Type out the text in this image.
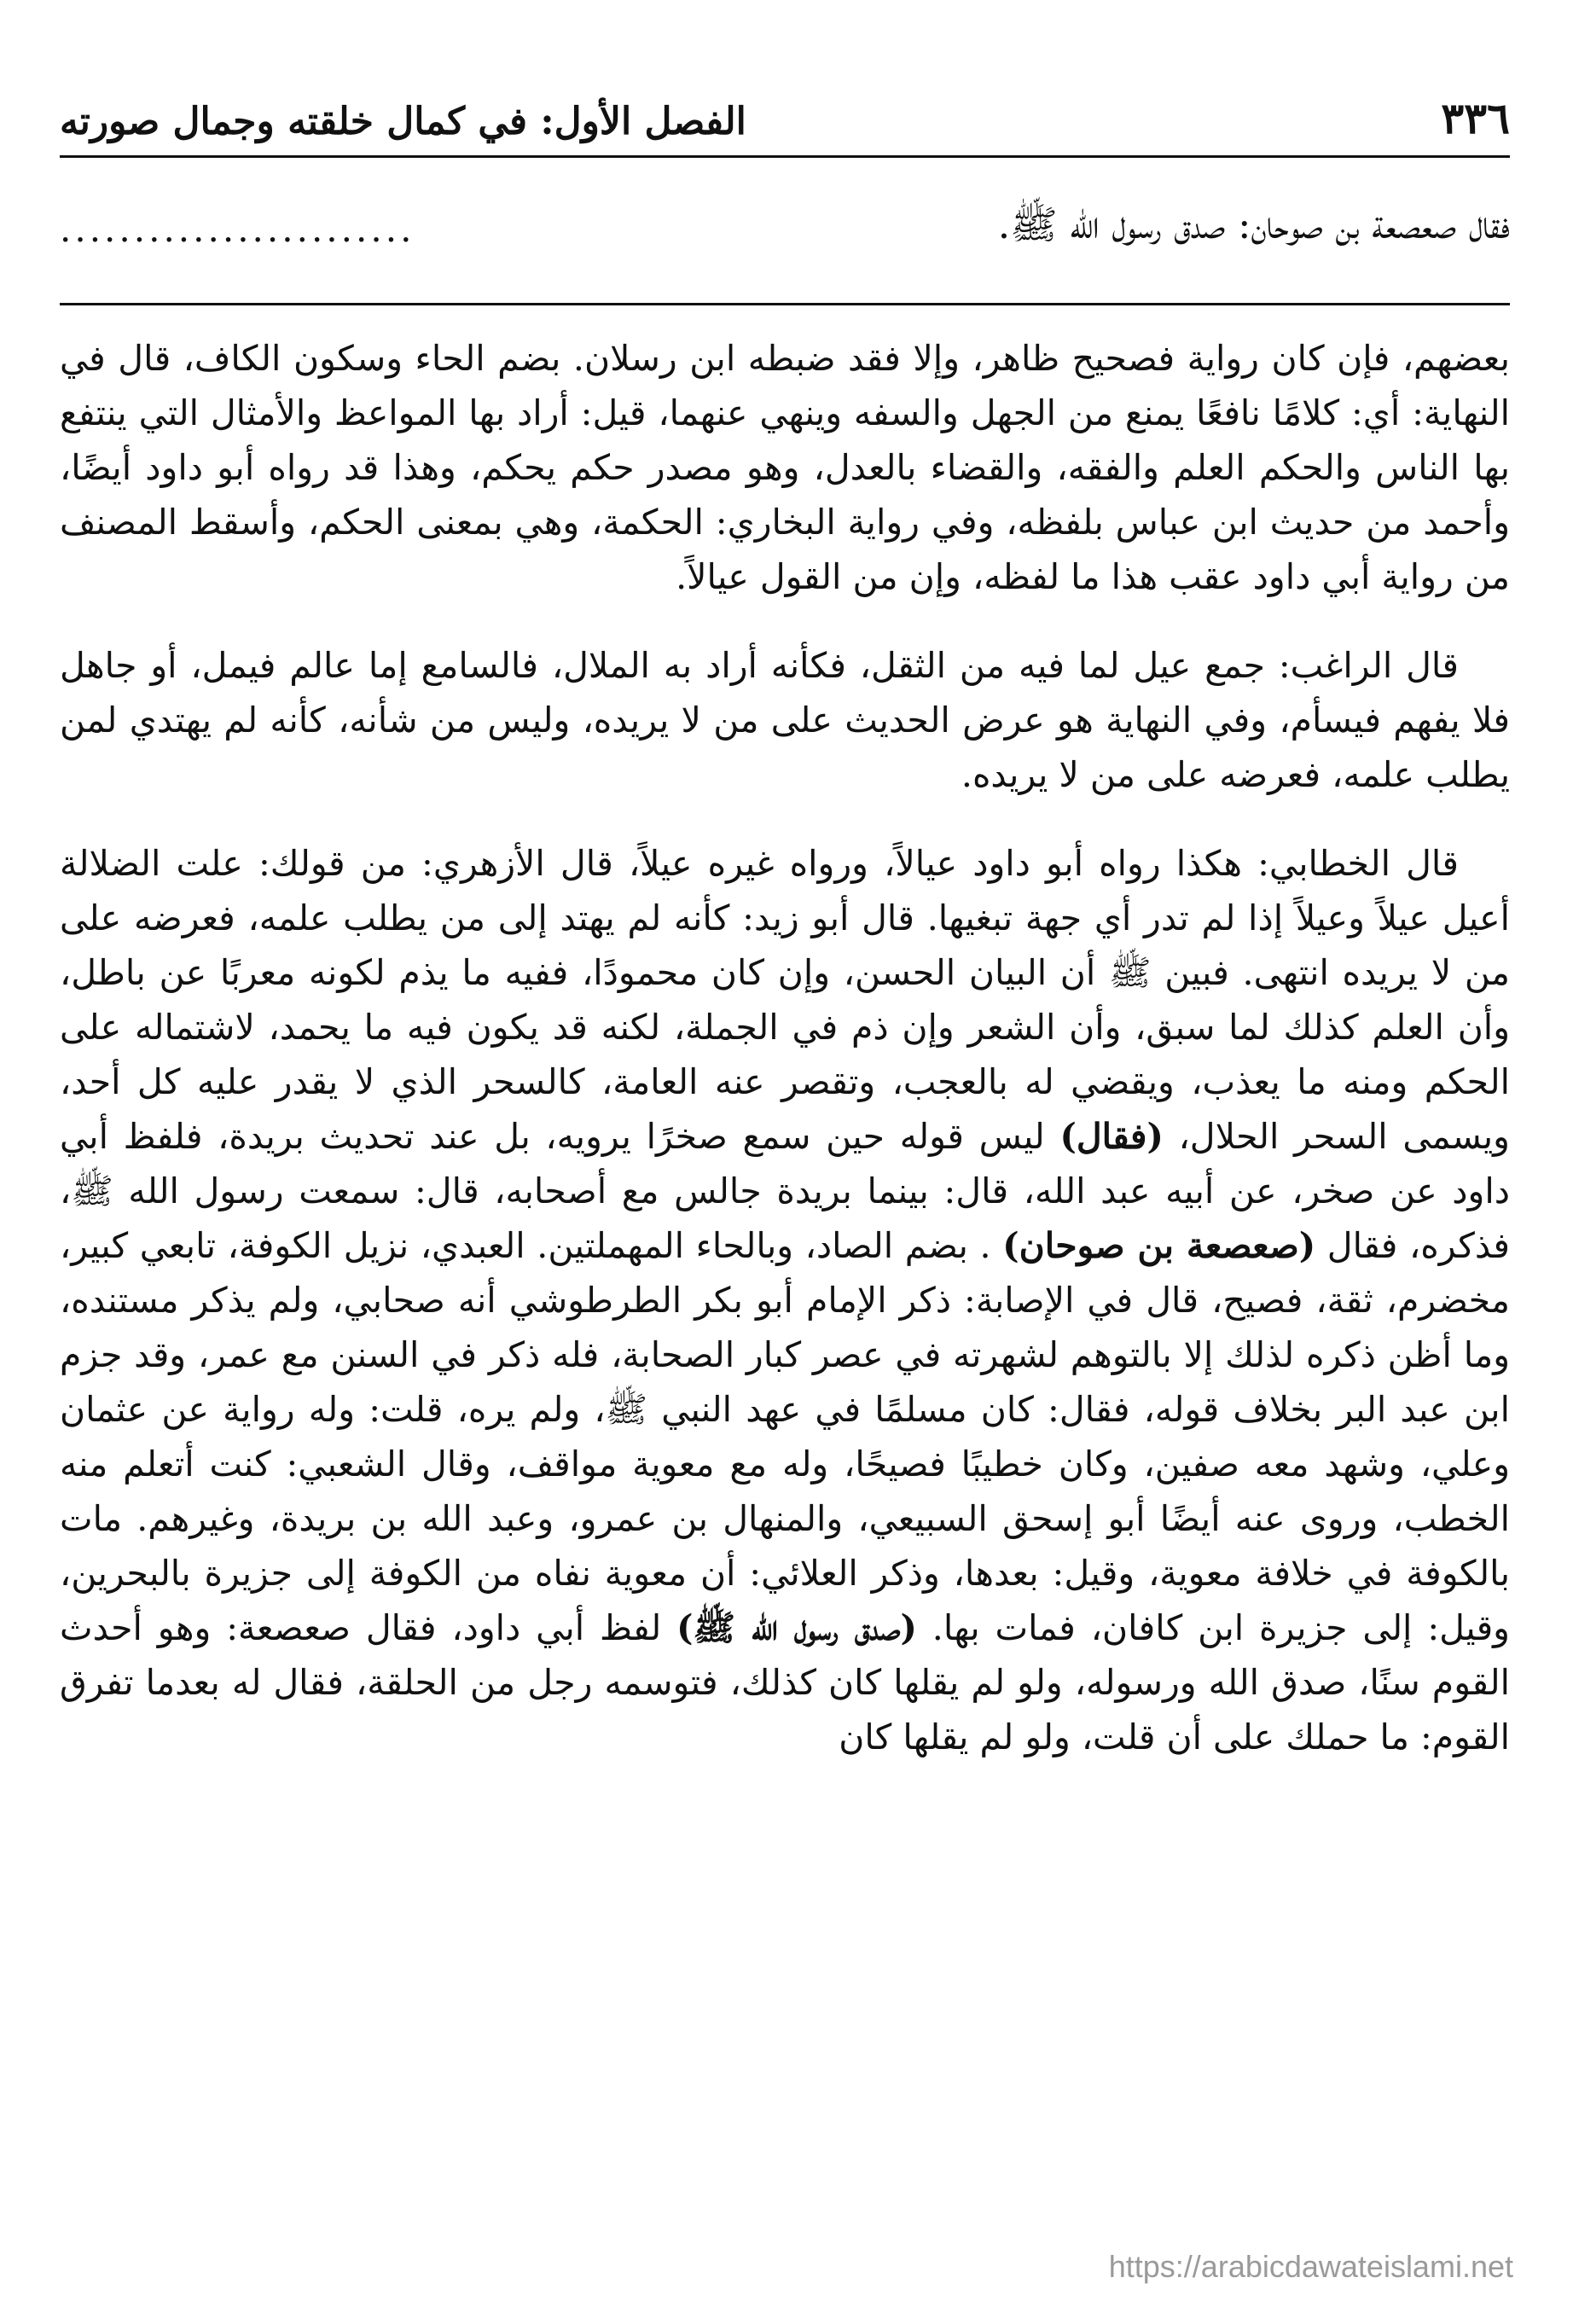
٣٣٦
الفصل الأول: في كمال خلقته وجمال صورته
فقال صعصعة بن صوحان: صدق رسول الله ﷺ.
........................

بعضهم، فإن كان رواية فصحيح ظاهر، وإلا فقد ضبطه ابن رسلان. بضم الحاء وسكون الكاف، قال في النهاية: أي: كلامًا نافعًا يمنع من الجهل والسفه وينهي عنهما، قيل: أراد بها المواعظ والأمثال التي ينتفع بها الناس والحكم العلم والفقه، والقضاء بالعدل، وهو مصدر حكم يحكم، وهذا قد رواه أبو داود أيضًا، وأحمد من حديث ابن عباس بلفظه، وفي رواية البخاري: الحكمة، وهي بمعنى الحكم، وأسقط المصنف من رواية أبي داود عقب هذا ما لفظه، وإن من القول عيالاً.

قال الراغب: جمع عيل لما فيه من الثقل، فكأنه أراد به الملال، فالسامع إما عالم فيمل، أو جاهل فلا يفهم فيسأم، وفي النهاية هو عرض الحديث على من لا يريده، وليس من شأنه، كأنه لم يهتدي لمن يطلب علمه، فعرضه على من لا يريده.

قال الخطابي: هكذا رواه أبو داود عيالاً، ورواه غيره عيلاً، قال الأزهري: من قولك: علت الضلالة أعيل عيلاً وعيلاً إذا لم تدر أي جهة تبغيها. قال أبو زيد: كأنه لم يهتد إلى من يطلب علمه، فعرضه على من لا يريده انتهى. فبين ﷺ أن البيان الحسن، وإن كان محمودًا، ففيه ما يذم لكونه معربًا عن باطل، وأن العلم كذلك لما سبق، وأن الشعر وإن ذم في الجملة، لكنه قد يكون فيه ما يحمد، لاشتماله على الحكم ومنه ما يعذب، ويقضي له بالعجب، وتقصر عنه العامة، كالسحر الذي لا يقدر عليه كل أحد، ويسمى السحر الحلال، (فقال) ليس قوله حين سمع صخرًا يرويه، بل عند تحديث بريدة، فلفظ أبي داود عن صخر، عن أبيه عبد الله، قال: بينما بريدة جالس مع أصحابه، قال: سمعت رسول الله ﷺ، فذكره، فقال (صعصعة بن صوحان) . بضم الصاد، وبالحاء المهملتين. العبدي، نزيل الكوفة، تابعي كبير، مخضرم، ثقة، فصيح، قال في الإصابة: ذكر الإمام أبو بكر الطرطوشي أنه صحابي، ولم يذكر مستنده، وما أظن ذكره لذلك إلا بالتوهم لشهرته في عصر كبار الصحابة، فله ذكر في السنن مع عمر، وقد جزم ابن عبد البر بخلاف قوله، فقال: كان مسلمًا في عهد النبي ﷺ، ولم يره، قلت: وله رواية عن عثمان وعلي، وشهد معه صفين، وكان خطيبًا فصيحًا، وله مع معوية مواقف، وقال الشعبي: كنت أتعلم منه الخطب، وروى عنه أيضًا أبو إسحق السبيعي، والمنهال بن عمرو، وعبد الله بن بريدة، وغيرهم. مات بالكوفة في خلافة معوية، وقيل: بعدها، وذكر العلائي: أن معوية نفاه من الكوفة إلى جزيرة بالبحرين، وقيل: إلى جزيرة ابن كافان، فمات بها. (صدق رسول الله ﷺ) لفظ أبي داود، فقال صعصعة: وهو أحدث القوم سنًا، صدق الله ورسوله، ولو لم يقلها كان كذلك، فتوسمه رجل من الحلقة، فقال له بعدما تفرق القوم: ما حملك على أن قلت، ولو لم يقلها كان

https://arabicdawateislami.net
